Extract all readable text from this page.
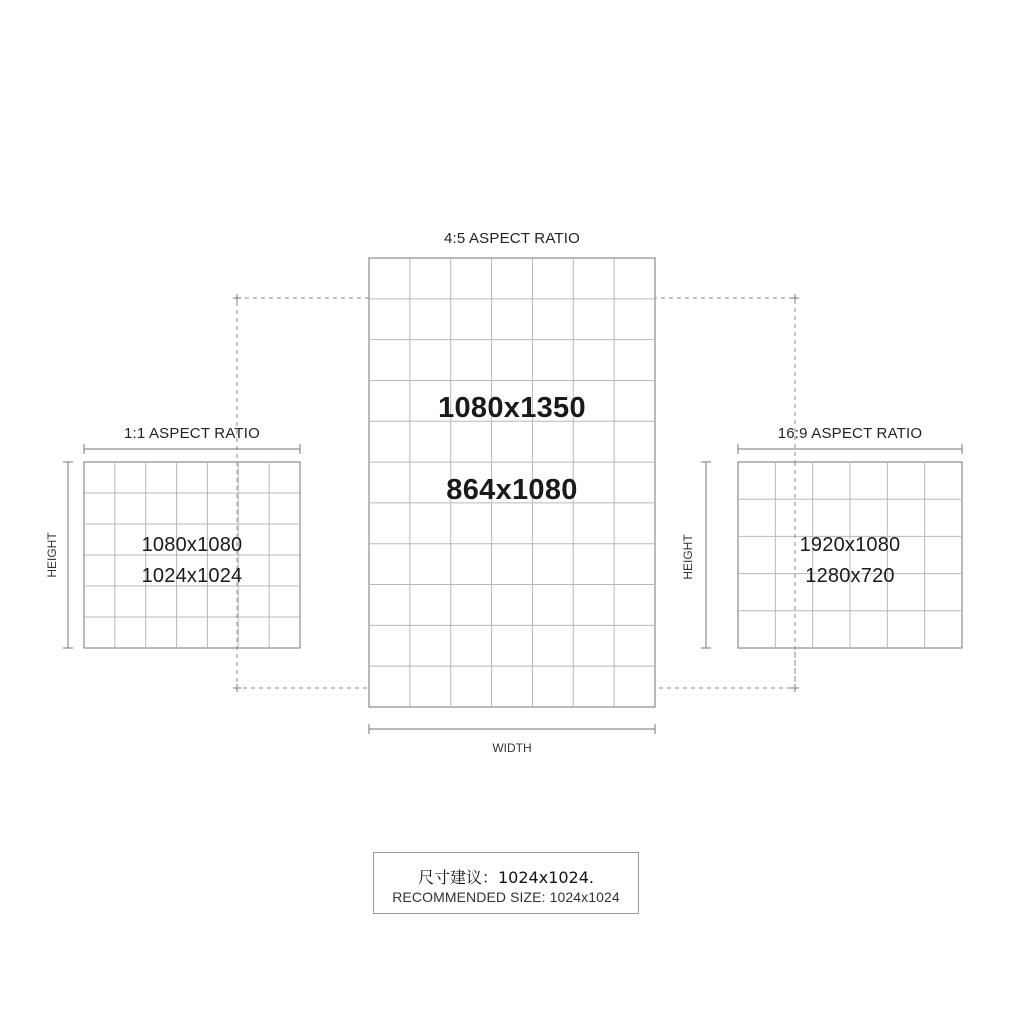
4:5 ASPECT RATIO
1:1 ASPECT RATIO	16:9 ASPECT RATIO
1080x1350
864x1080
1080x1080
1024x1024
1920x1080
1280x720
HEIGHT	HEIGHT
WIDTH
尺寸建议：1024x1024.
RECOMMENDED SIZE: 1024x1024
